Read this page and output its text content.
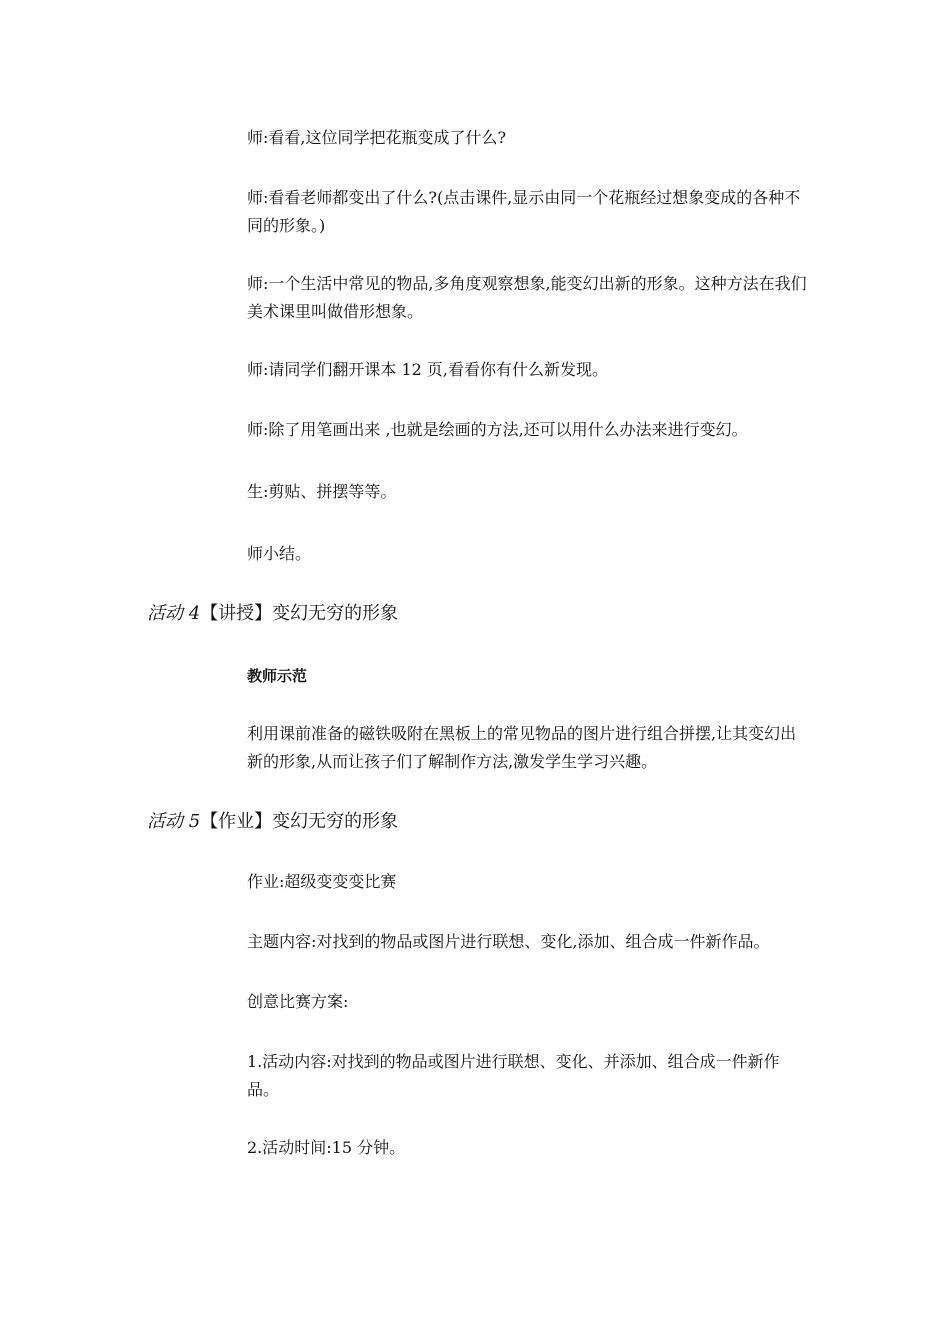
师:看看,这位同学把花瓶变成了什么?

师:看看老师都变出了什么?(点击课件,显示由同一个花瓶经过想象变成的各种不同的形象。)

师:一个生活中常见的物品,多角度观察想象,能变幻出新的形象。这种方法在我们美术课里叫做借形想象。

师:请同学们翻开课本 12 页,看看你有什么新发现。

师:除了用笔画出来 ,也就是绘画的方法,还可以用什么办法来进行变幻。

生:剪贴、拼摆等等。

师小结。

活动 4【讲授】变幻无穷的形象

教师示范

利用课前准备的磁铁吸附在黑板上的常见物品的图片进行组合拼摆,让其变幻出新的形象,从而让孩子们了解制作方法,激发学生学习兴趣。

活动 5【作业】变幻无穷的形象

作业:超级变变变比赛

主题内容:对找到的物品或图片进行联想、变化,添加、组合成一件新作品。

创意比赛方案:

1.活动内容:对找到的物品或图片进行联想、变化、并添加、组合成一件新作品。

2.活动时间:15 分钟。
